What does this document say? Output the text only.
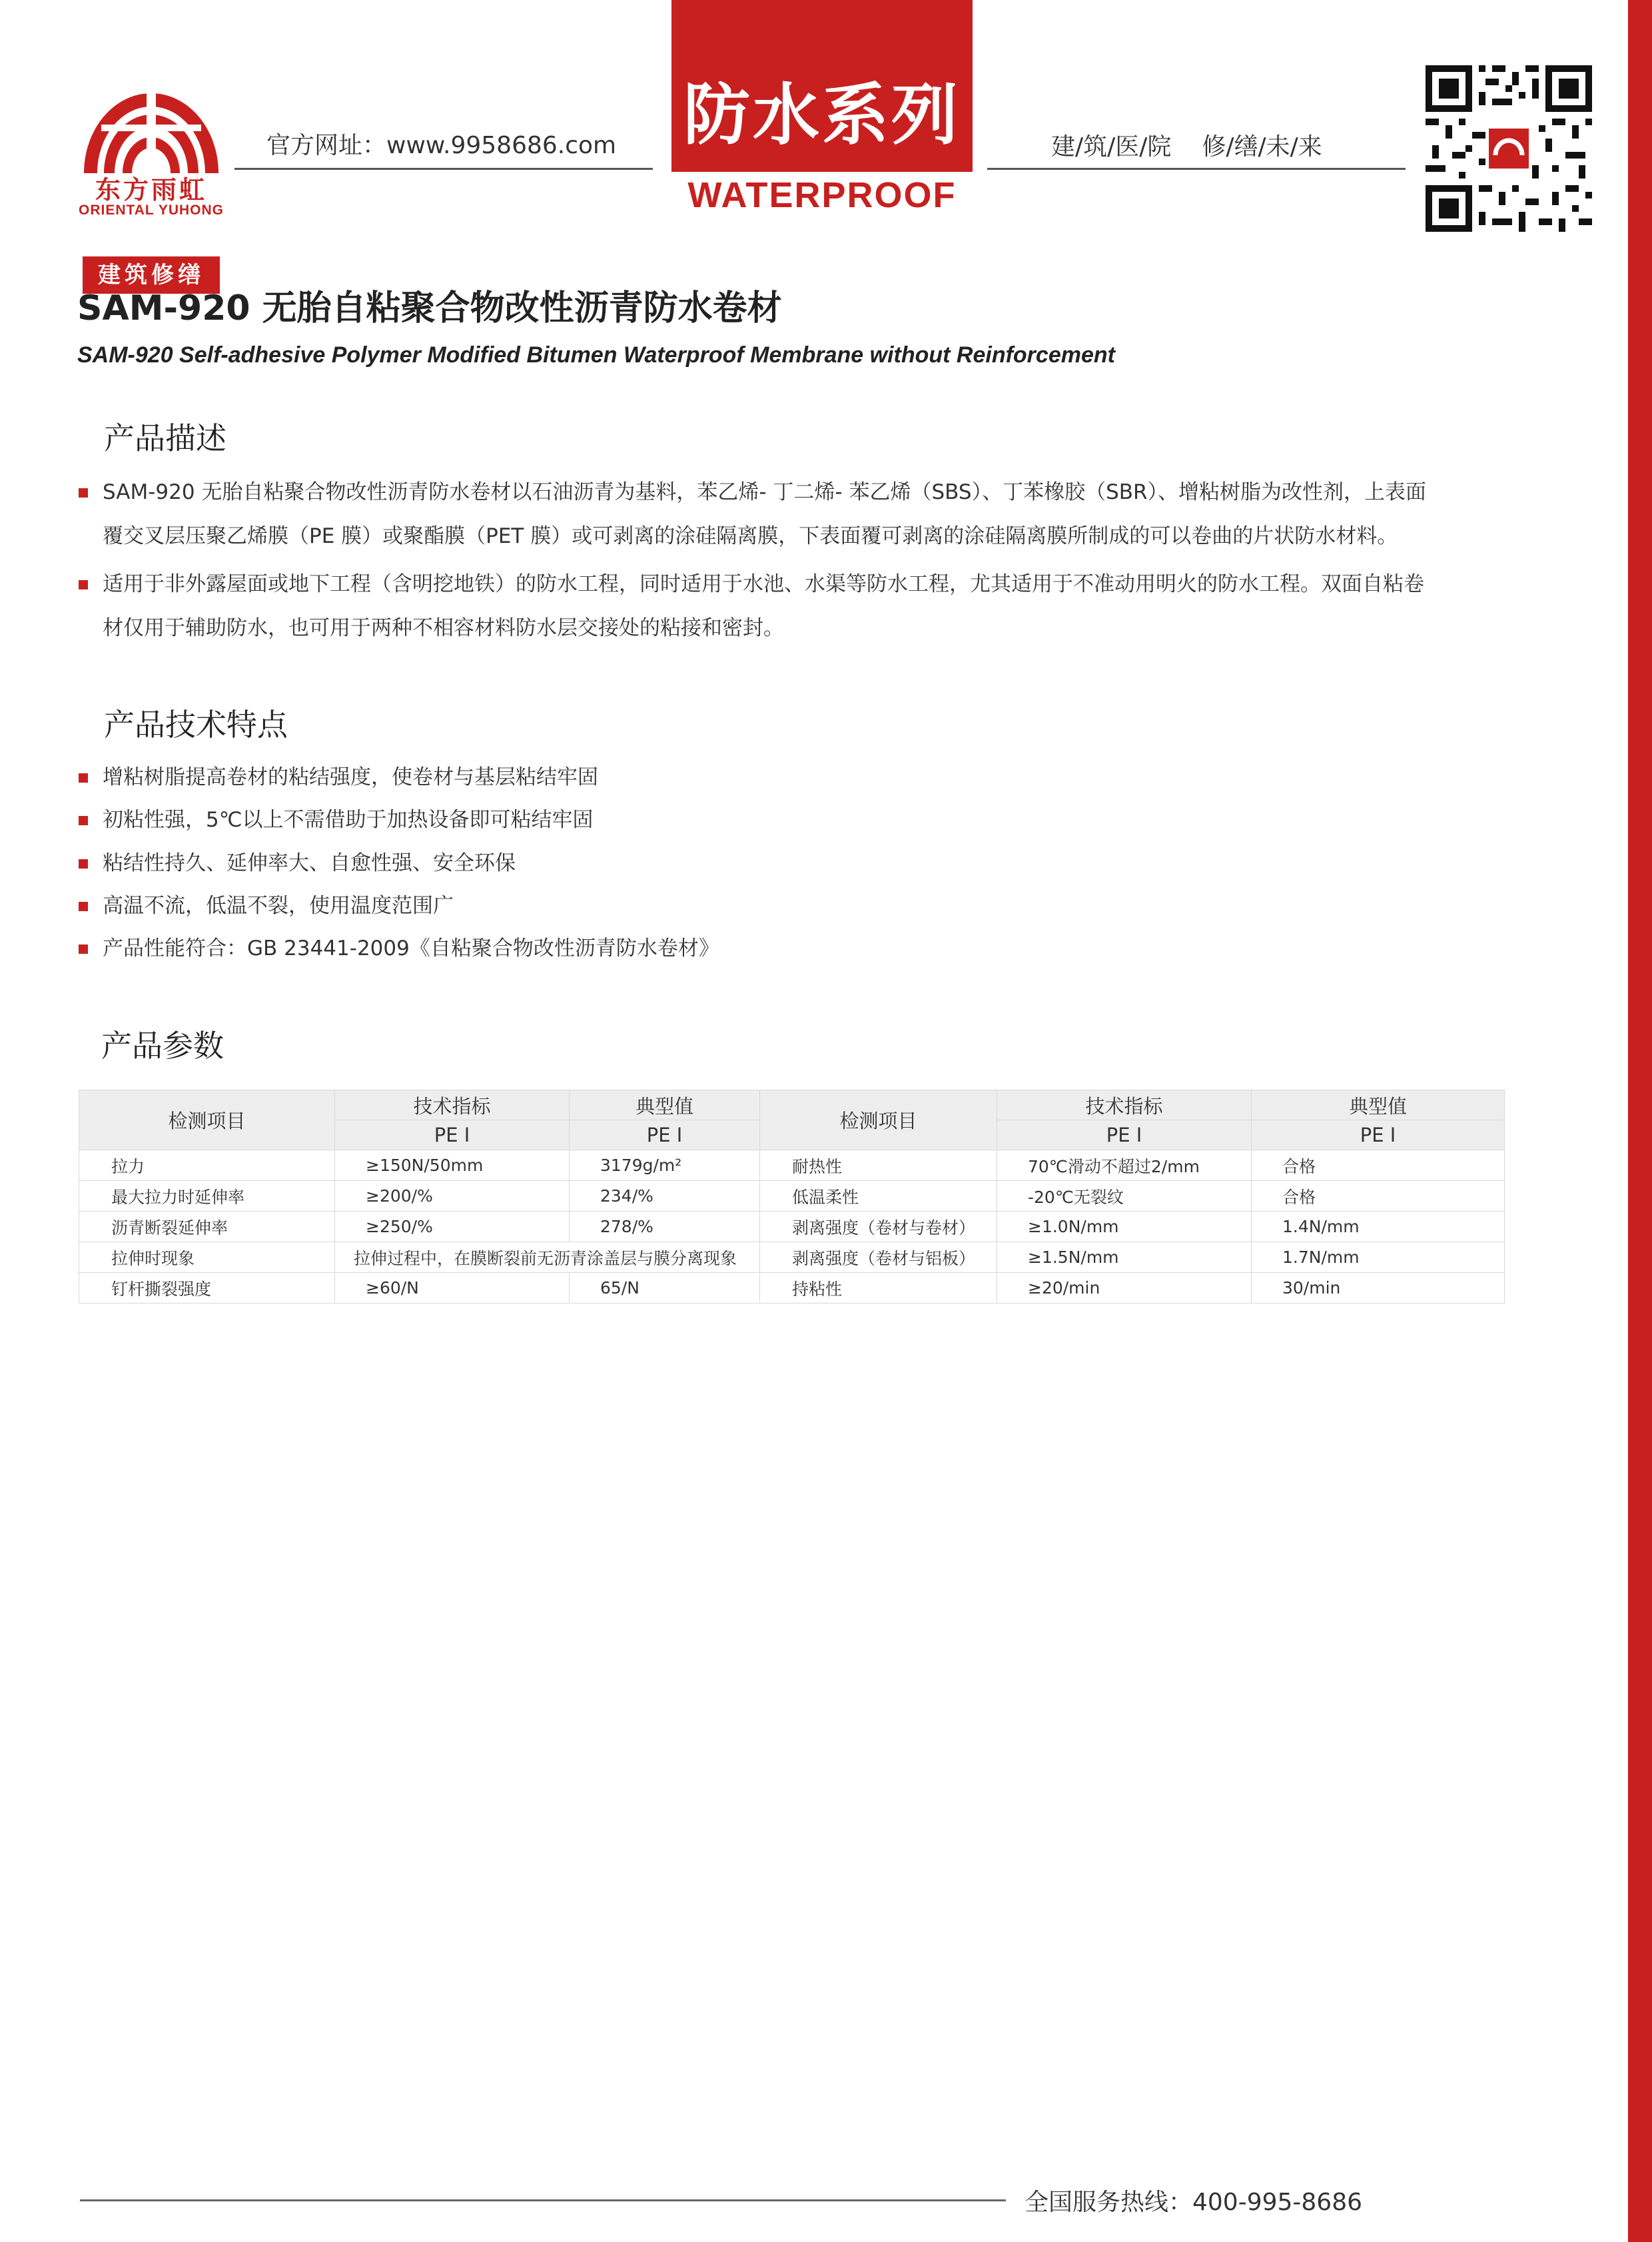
东方雨虹
ORIENTAL YUHONG
建筑修缮
官方网址：www.9958686.com 防水系列
WATERPROOF
建/筑/医/院 修/缮/未/来
SAM-920 无胎自粘聚合物改性沥青防水卷材
SAM-920 Self-adhesive Polymer Modified Bitumen Waterproof Membrane without Reinforcement
产品描述
SAM-920 无胎自粘聚合物改性沥青防水卷材以石油沥青为基料，苯乙烯- 丁二烯- 苯乙烯（SBS）、丁苯橡胶（SBR）、增粘树脂为改性剂，上表面
覆交叉层压聚乙烯膜（PE 膜）或聚酯膜（PET 膜）或可剥离的涂硅隔离膜，下表面覆可剥离的涂硅隔离膜所制成的可以卷曲的片状防水材料。
适用于非外露屋面或地下工程（含明挖地铁）的防水工程，同时适用于水池、水渠等防水工程，尤其适用于不准动用明火的防水工程。双面自粘卷
材仅用于辅助防水，也可用于两种不相容材料防水层交接处的粘接和密封。
产品技术特点
增粘树脂提高卷材的粘结强度，使卷材与基层粘结牢固
初粘性强，5℃以上不需借助于加热设备即可粘结牢固
粘结性持久、延伸率大、自愈性强、安全环保
高温不流，低温不裂，使用温度范围广
产品性能符合：GB 23441-2009《自粘聚合物改性沥青防水卷材》
产品参数
检测项目	技术指标	典型值	检测项目	技术指标	典型值
	PE I	PE I		PE I	PE I
拉力	≥150N/50mm	3179g/m²	耐热性	70℃滑动不超过2/mm	合格
最大拉力时延伸率	≥200/%	234/%	低温柔性	-20℃无裂纹	合格
沥青断裂延伸率	≥250/%	278/%	剥离强度（卷材与卷材）	≥1.0N/mm	1.4N/mm
拉伸时现象	拉伸过程中，在膜断裂前无沥青涂盖层与膜分离现象		剥离强度（卷材与铝板）	≥1.5N/mm	1.7N/mm
钉杆撕裂强度	≥60/N	65/N	持粘性	≥20/min	30/min
全国服务热线：400-995-8686
